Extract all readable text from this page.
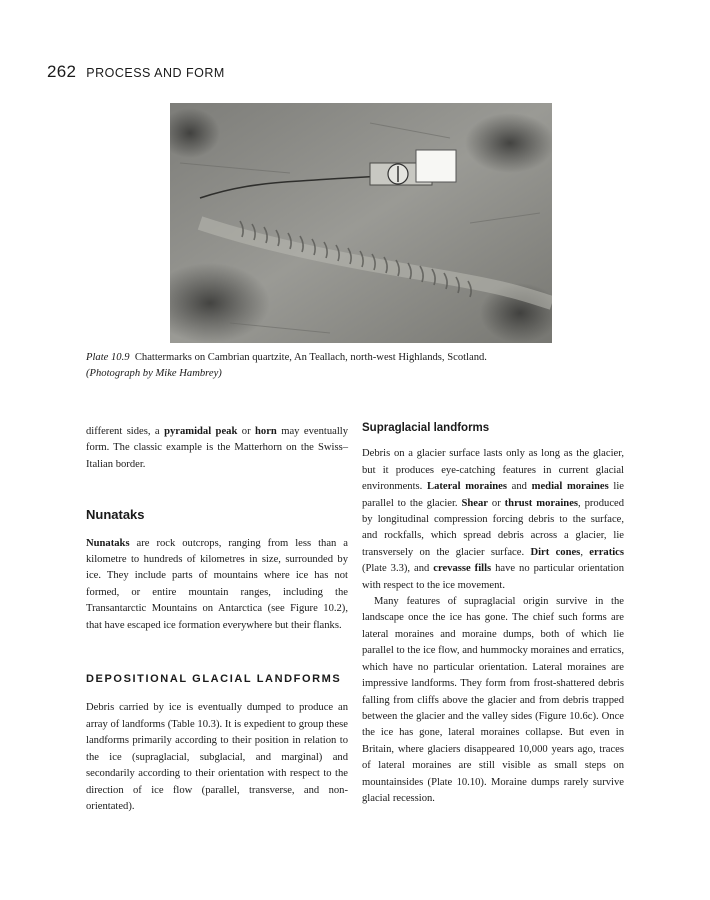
262 PROCESS AND FORM
Plate 10.9 Chattermarks on Cambrian quartzite, An Teallach, north-west Highlands, Scotland.
(Photograph by Mike Hambrey)

different sides, a pyramidal peak or horn may eventually form. The classic example is the Matterhorn on the Swiss–Italian border.

Nunataks

Nunataks are rock outcrops, ranging from less than a kilometre to hundreds of kilometres in size, surrounded by ice. They include parts of mountains where ice has not formed, or entire mountain ranges, including the Transantarctic Mountains on Antarctica (see Figure 10.2), that have escaped ice formation everywhere but their flanks.

DEPOSITIONAL GLACIAL LANDFORMS

Debris carried by ice is eventually dumped to produce an array of landforms (Table 10.3). It is expedient to group these landforms primarily according to their position in relation to the ice (supraglacial, subglacial, and marginal) and secondarily according to their orientation with respect to the direction of ice flow (parallel, transverse, and non-orientated).

Supraglacial landforms

Debris on a glacier surface lasts only as long as the glacier, but it produces eye-catching features in current glacial environments. Lateral moraines and medial moraines lie parallel to the glacier. Shear or thrust moraines, produced by longitudinal compression forcing debris to the surface, and rockfalls, which spread debris across a glacier, lie transversely on the glacier surface. Dirt cones, erratics (Plate 3.3), and crevasse fills have no particular orientation with respect to the ice movement.

Many features of supraglacial origin survive in the landscape once the ice has gone. The chief such forms are lateral moraines and moraine dumps, both of which lie parallel to the ice flow, and hummocky moraines and erratics, which have no particular orientation. Lateral moraines are impressive landforms. They form from frost-shattered debris falling from cliffs above the glacier and from debris trapped between the glacier and the valley sides (Figure 10.6c). Once the ice has gone, lateral moraines collapse. But even in Britain, where glaciers disappeared 10,000 years ago, traces of lateral moraines are still visible as small steps on mountainsides (Plate 10.10). Moraine dumps rarely survive glacial recession.
